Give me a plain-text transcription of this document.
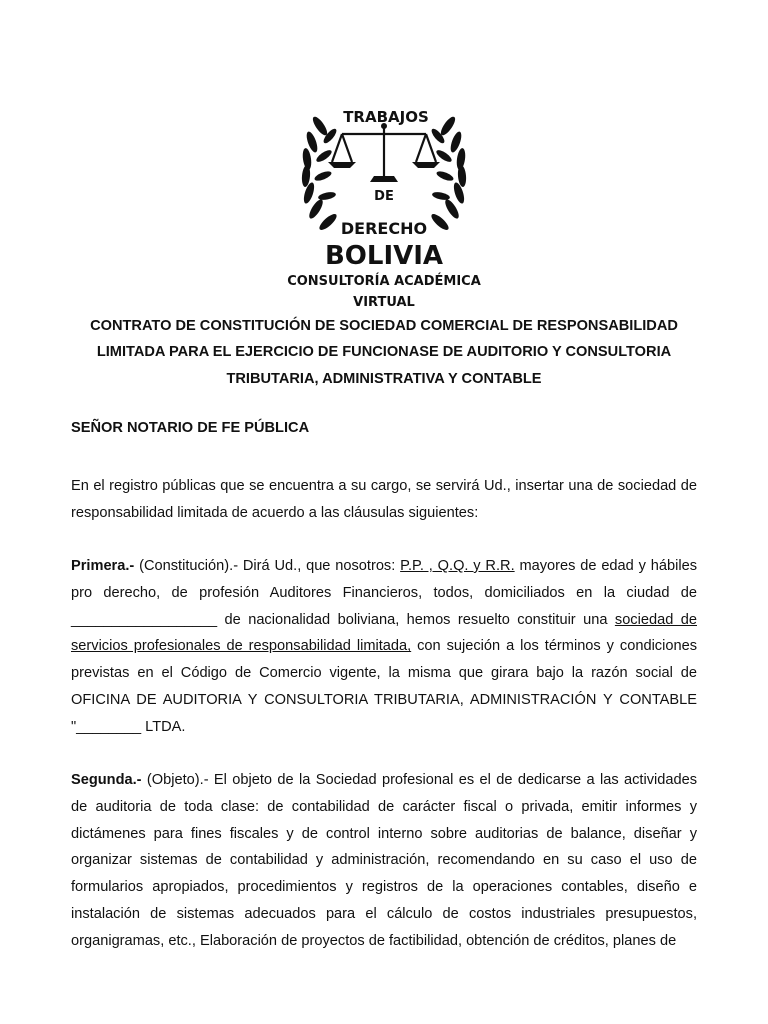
TRABAJOS
DE
DERECHO
BOLIVIA
CONSULTORÍA ACADÉMICA
VIRTUAL
CONTRATO DE CONSTITUCIÓN DE SOCIEDAD COMERCIAL DE RESPONSABILIDAD
LIMITADA PARA EL EJERCICIO DE FUNCIONASE DE AUDITORIO Y CONSULTORIA
TRIBUTARIA, ADMINISTRATIVA Y CONTABLE
SEÑOR NOTARIO DE FE PÚBLICA
En el registro públicas que se encuentra a su cargo, se servirá Ud., insertar una de sociedad de responsabilidad limitada de acuerdo a las cláusulas siguientes:
Primera.- (Constitución).- Dirá Ud., que nosotros: P.P. , Q.Q. y R.R. mayores de edad y hábiles pro derecho, de profesión Auditores Financieros, todos, domiciliados en la ciudad de __________________ de nacionalidad boliviana, hemos resuelto constituir una sociedad de servicios profesionales de responsabilidad limitada, con sujeción a los términos y condiciones previstas en el Código de Comercio vigente, la misma que girara bajo la razón social de OFICINA DE AUDITORIA Y CONSULTORIA TRIBUTARIA, ADMINISTRACIÓN Y CONTABLE "________ LTDA.
Segunda.- (Objeto).- El objeto de la Sociedad profesional es el de dedicarse a las actividades de auditoria de toda clase: de contabilidad de carácter fiscal o privada, emitir informes y dictámenes para fines fiscales y de control interno sobre auditorias de balance, diseñar y organizar sistemas de contabilidad y administración, recomendando en su caso el uso de formularios apropiados, procedimientos y registros de la operaciones contables, diseño e instalación de sistemas adecuados para el cálculo de costos industriales presupuestos, organigramas, etc., Elaboración de proyectos de factibilidad, obtención de créditos, planes de
